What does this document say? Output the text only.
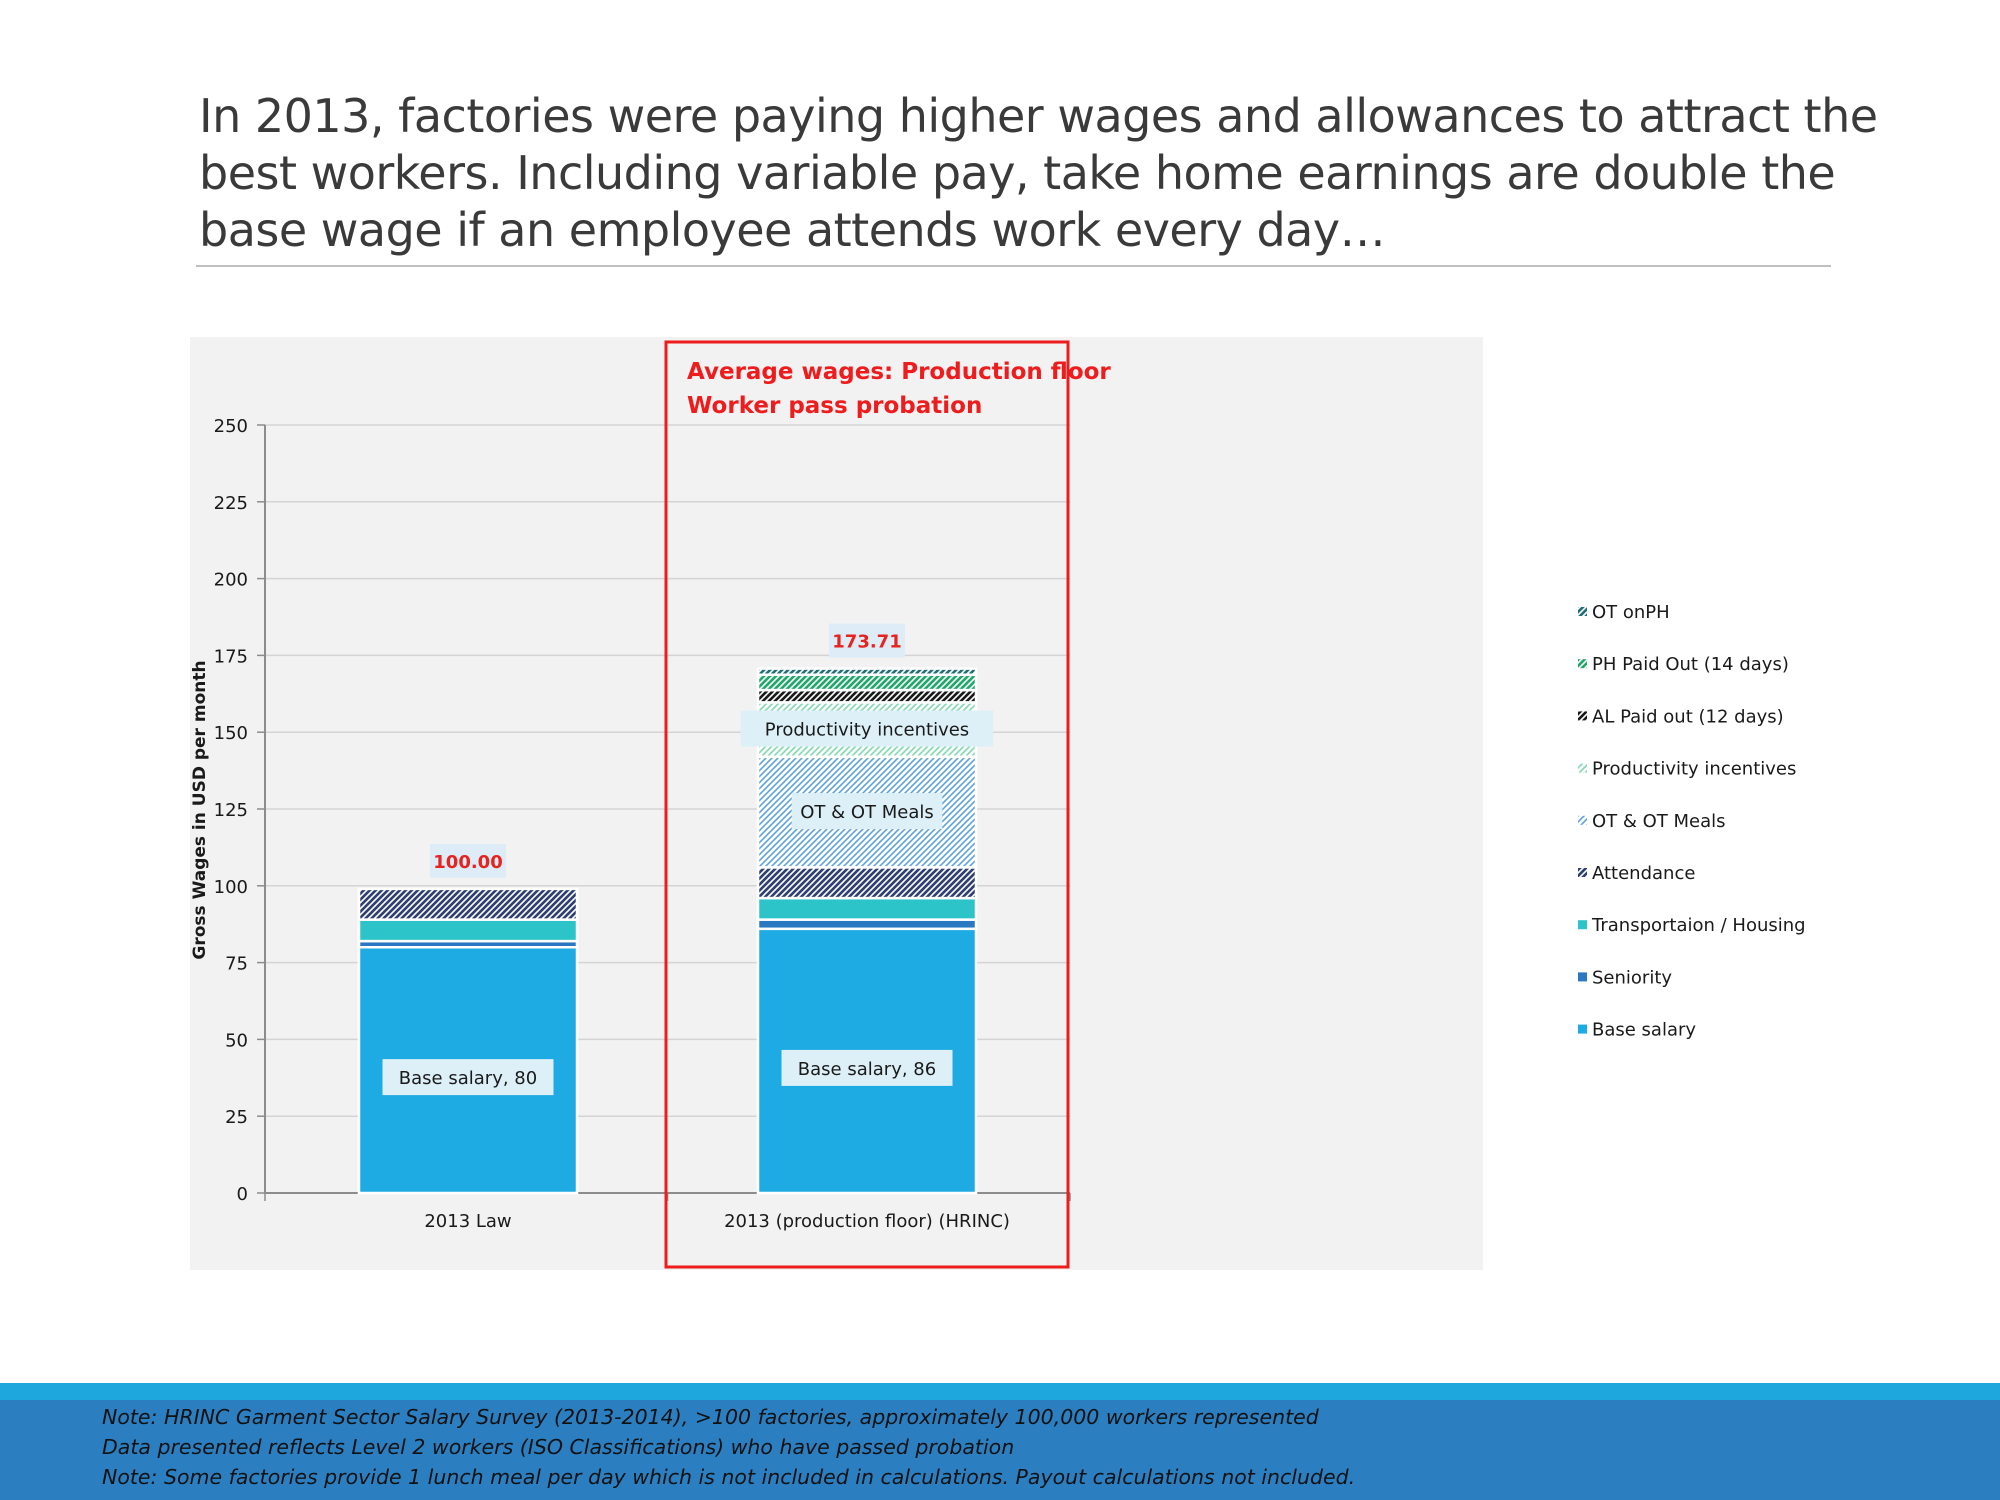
In 2013, factories were paying higher wages and allowances to attract the best workers. Including variable pay, take home earnings are double the base wage if an employee attends work every day…
0
25
50
75
100
125
150
175
200
225
250
Gross Wages in USD per month
Base salary, 80
100.00
2013 Law
Base salary, 86
OT & OT Meals
Productivity incentives
173.71
2013 (production floor) (HRINC)
Average wages: Production floor
Worker pass probation
OT onPH
PH Paid Out (14 days)
AL Paid out (12 days)
Productivity incentives
OT & OT Meals
Attendance
Transportaion / Housing
Seniority
Base salary
Note: HRINC Garment Sector Salary Survey (2013-2014), >100 factories, approximately 100,000 workers represented
Data presented reflects Level 2 workers (ISO Classifications) who have passed probation
Note: Some factories provide 1 lunch meal per day which is not included in calculations. Payout calculations not included.
